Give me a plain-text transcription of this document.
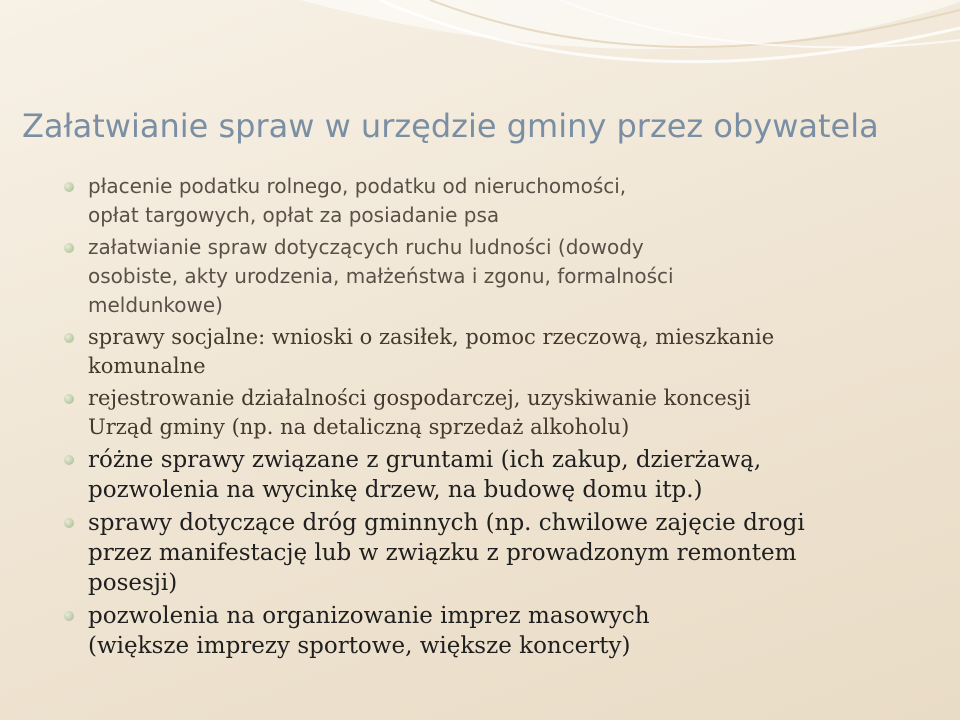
Załatwianie spraw w urzędzie gminy przez obywatela
płacenie podatku rolnego, podatku od nieruchomości,
opłat targowych, opłat za posiadanie psa
załatwianie spraw dotyczących ruchu ludności (dowody
osobiste, akty urodzenia, małżeństwa i zgonu, formalności
meldunkowe)
sprawy socjalne: wnioski o zasiłek, pomoc rzeczową, mieszkanie
komunalne
rejestrowanie działalności gospodarczej, uzyskiwanie koncesji
Urząd gminy (np. na detaliczną sprzedaż alkoholu)
różne sprawy związane z gruntami (ich zakup, dzierżawą,
pozwolenia na wycinkę drzew, na budowę domu itp.)
sprawy dotyczące dróg gminnych (np. chwilowe zajęcie drogi
przez manifestację lub w związku z prowadzonym remontem
posesji)
pozwolenia na organizowanie imprez masowych
(większe imprezy sportowe, większe koncerty)
